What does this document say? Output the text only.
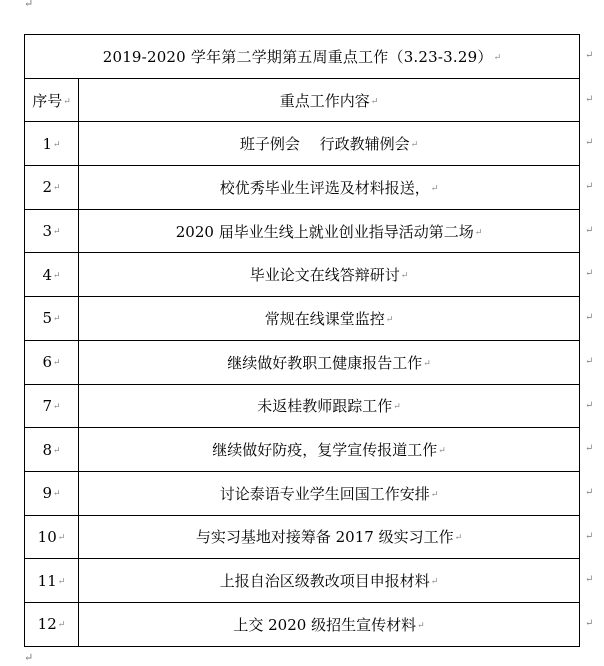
↵
2019-2020 学年第二学期第五周重点工作（3.23-3.29）↵	
序号↵	重点工作内容↵
1↵	班子例会　 行政教辅例会↵
2↵	校优秀毕业生评选及材料报送，↵
3↵	2020 届毕业生线上就业创业指导活动第二场↵
4↵	毕业论文在线答辩研讨↵
5↵	常规在线课堂监控↵
6↵	继续做好教职工健康报告工作↵
7↵	未返桂教师跟踪工作↵
8↵	继续做好防疫，复学宣传报道工作↵
9↵	讨论泰语专业学生回国工作安排↵
10↵	与实习基地对接筹备 2017 级实习工作↵
11↵	上报自治区级教改项目申报材料↵
12↵	上交 2020 级招生宣传材料↵
↵
↵
↵
↵
↵
↵
↵
↵
↵
↵
↵
↵
↵
↵
↵
